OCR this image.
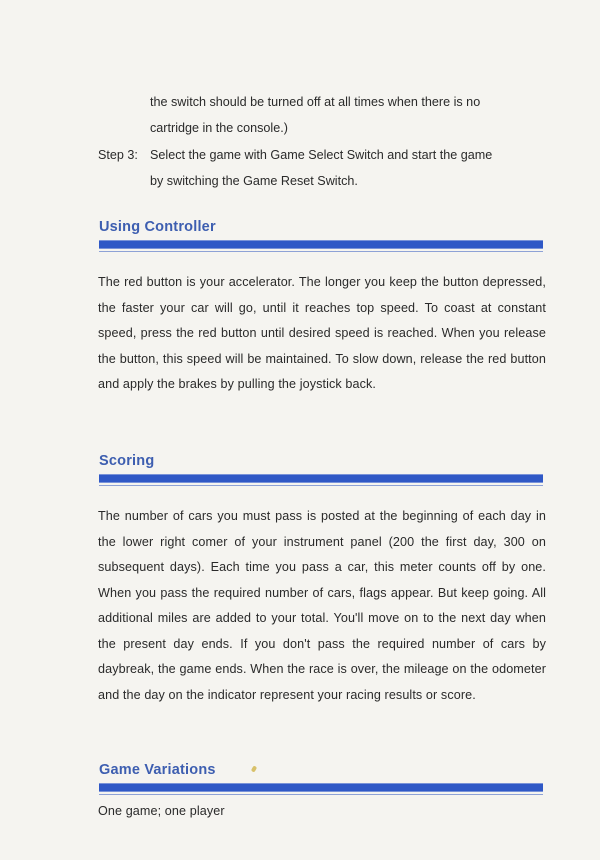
the switch should be turned off at all times when there is no
cartridge in the console.)
Step 3: Select the game with Game Select Switch and start the game
by switching the Game Reset Switch.
Using Controller
The red button is your accelerator. The longer you keep the button depressed, the faster your car will go, until it reaches top speed. To coast at constant speed, press the red button until desired speed is reached. When you release the button, this speed will be maintained. To slow down, release the red button and apply the brakes by pulling the joystick back.
Scoring
The number of cars you must pass is posted at the beginning of each day in the lower right comer of your instrument panel (200 the first day, 300 on subsequent days). Each time you pass a car, this meter counts off by one. When you pass the required number of cars, flags appear. But keep going. All additional miles are added to your total. You'll move on to the next day when the present day ends. If you don't pass the required number of cars by daybreak, the game ends. When the race is over, the mileage on the odometer and the day on the indicator represent your racing results or score.
Game Variations
One game; one player
